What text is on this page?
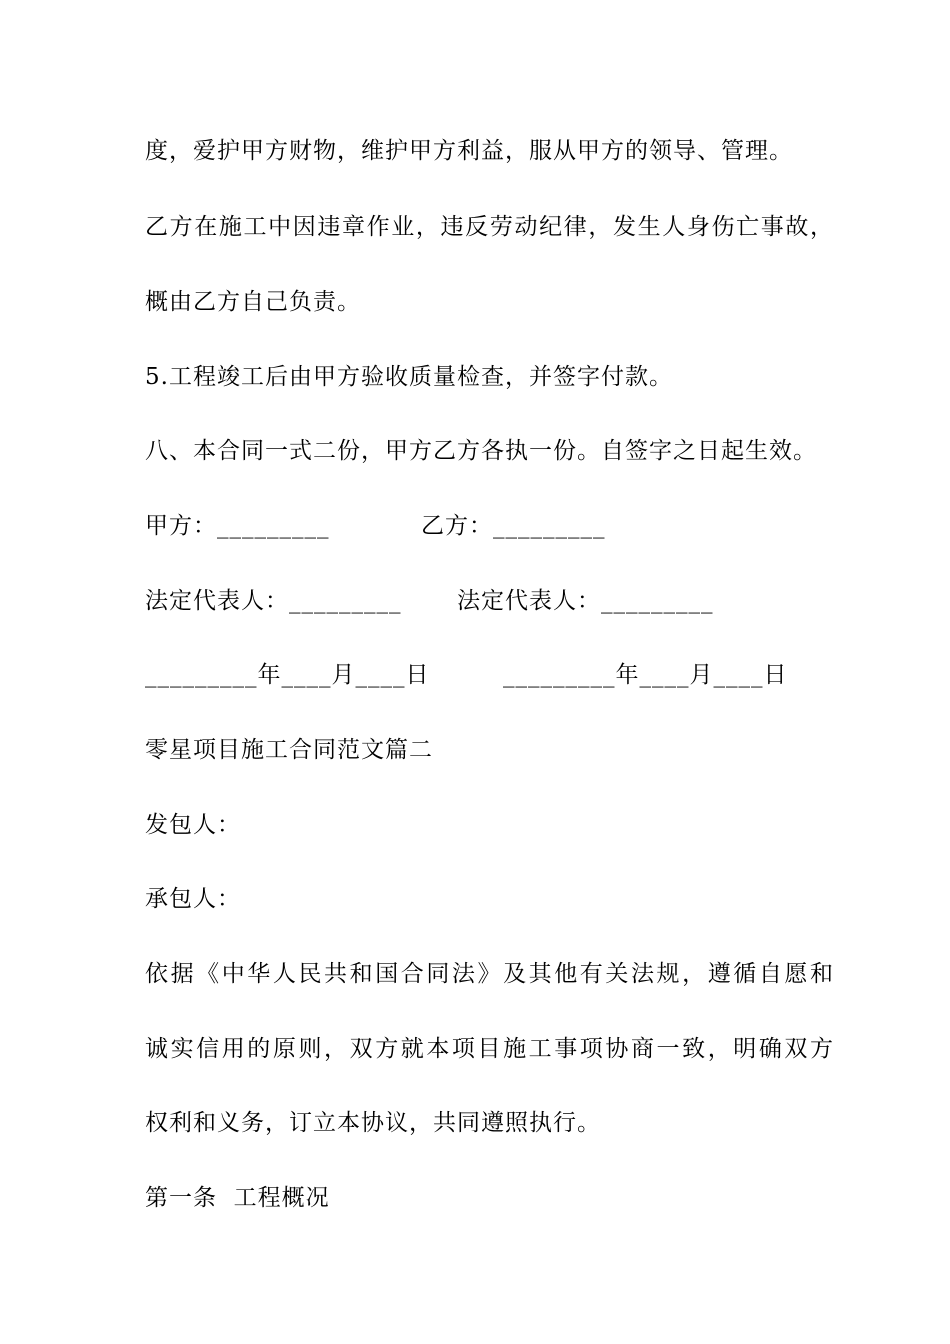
度，爱护甲方财物，维护甲方利益，服从甲方的领导、管理。
乙方在施工中因违章作业，违反劳动纪律，发生人身伤亡事故，
概由乙方自己负责。
5.工程竣工后由甲方验收质量检查，并签字付款。
八、本合同一式二份，甲方乙方各执一份。自签字之日起生效。
甲方：_________	乙方：_________
法定代表人：_________ 法定代表人：_________
_________年____月____日	_________年____月____日
零星项目施工合同范文篇二
发包人：
承包人：
依据《中华人民共和国合同法》及其他有关法规，遵循自愿和
诚实信用的原则，双方就本项目施工事项协商一致，明确双方
权利和义务，订立本协议，共同遵照执行。
第一条  工程概况
